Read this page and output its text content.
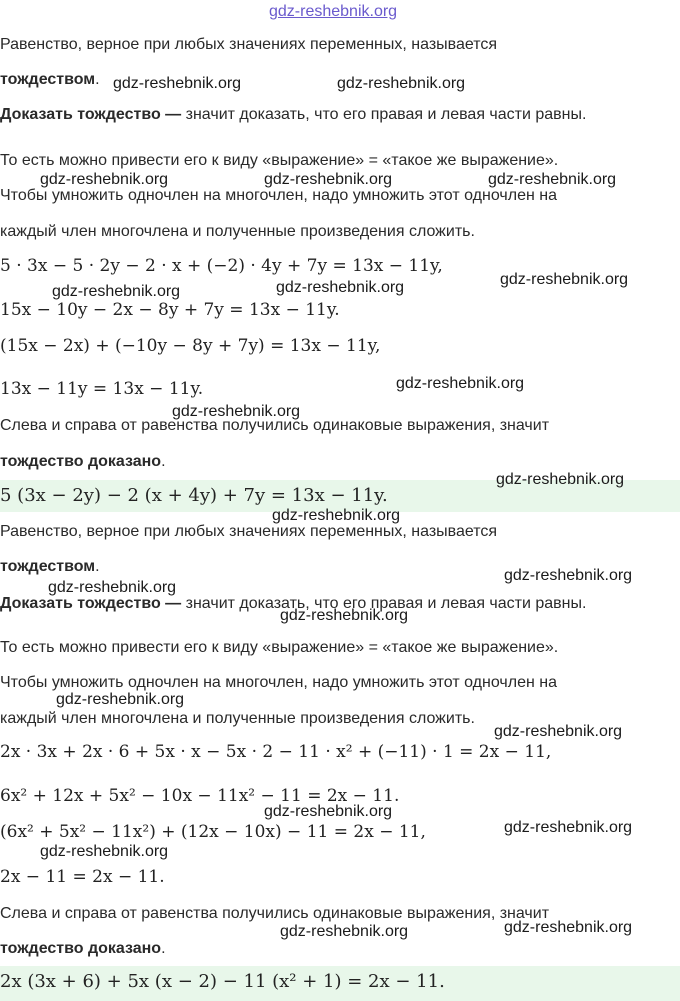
gdz-reshebnik.org
Равенство, верное при любых значениях переменных, называется
тождеством.
Доказать тождество — значит доказать, что его правая и левая части равны.
То есть можно привести его к виду «выражение» = «такое же выражение».
Чтобы умножить одночлен на многочлен, надо умножить этот одночлен на
каждый член многочлена и полученные произведения сложить.
5 · 3x − 5 · 2y − 2 · x + (−2) · 4y + 7y = 13x − 11y,
15x − 10y − 2x − 8y + 7y = 13x − 11y.
(15x − 2x) + (−10y − 8y + 7y) = 13x − 11y,
13x − 11y = 13x − 11y.
Слева и справа от равенства получились одинаковые выражения, значит
тождество доказано.
5 (3x − 2y) − 2 (x + 4y) + 7y = 13x − 11y.
Равенство, верное при любых значениях переменных, называется
тождеством.
Доказать тождество — значит доказать, что его правая и левая части равны.
То есть можно привести его к виду «выражение» = «такое же выражение».
Чтобы умножить одночлен на многочлен, надо умножить этот одночлен на
каждый член многочлена и полученные произведения сложить.
2x · 3x + 2x · 6 + 5x · x − 5x · 2 − 11 · x² + (−11) · 1 = 2x − 11,
6x² + 12x + 5x² − 10x − 11x² − 11 = 2x − 11.
(6x² + 5x² − 11x²) + (12x − 10x) − 11 = 2x − 11,
2x − 11 = 2x − 11.
Слева и справа от равенства получились одинаковые выражения, значит
тождество доказано.
2x (3x + 6) + 5x (x − 2) − 11 (x² + 1) = 2x − 11.
gdz-reshebnik.org	gdz-reshebnik.org
gdz-reshebnik.org	gdz-reshebnik.org	gdz-reshebnik.org
gdz-reshebnik.org
gdz-reshebnik.org	gdz-reshebnik.org
gdz-reshebnik.org
gdz-reshebnik.org
gdz-reshebnik.org
gdz-reshebnik.org
gdz-reshebnik.org
gdz-reshebnik.org
gdz-reshebnik.org
gdz-reshebnik.org
gdz-reshebnik.org
gdz-reshebnik.org
gdz-reshebnik.org
gdz-reshebnik.org
gdz-reshebnik.org
gdz-reshebnik.org
